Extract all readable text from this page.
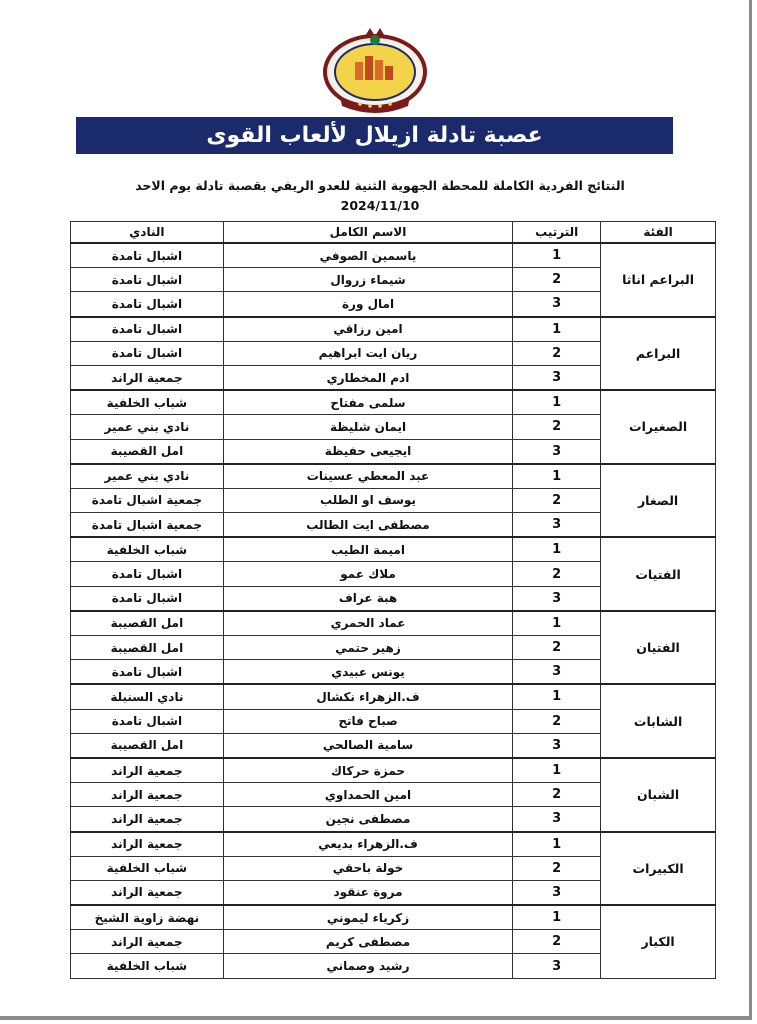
عصبة تادلة ازيلال لألعاب القوى
النتائج الفردية الكاملة للمحطة الجهوية الثنية للعدو الريفي بقصبة تادلة يوم الاحد
2024/11/10
الفئة	الترتيب	الاسم الكامل	النادي
البراعم اناثا	1	ياسمين الصوفي	اشبال تامدة
	2	شيماء زروال	اشبال تامدة
	3	امال ورة	اشبال تامدة
البراعم	1	امين رزاقي	اشبال تامدة
	2	ريان ايت ابراهيم	اشبال تامدة
	3	ادم المخطاري	جمعية الراند
الصغيرات	1	سلمى مفتاح	شباب الخلفية
	2	ايمان شليظة	نادي بني عمير
	3	ايجيعى حفيظة	امل القصيبة
الصغار	1	عبد المعطي عسينات	نادي بني عمير
	2	يوسف او الطلب	جمعية اشبال تامدة
	3	مصطفى ايت الطالب	جمعية اشبال تامدة
الفتيات	1	اميمة الطيب	شباب الخلفية
	2	ملاك عمو	اشبال تامدة
	3	هبة عراف	اشبال تامدة
الفتيان	1	عماد الحمري	امل القصيبة
	2	زهير حتمي	امل القصيبة
	3	يونس عبيدي	اشبال تامدة
الشابات	1	ف.الزهراء نكشال	نادي السنبلة
	2	صباح فاتح	اشبال تامدة
	3	سامية الصالحي	امل القصيبة
الشبان	1	حمزة حركاك	جمعية الراند
	2	امين الحمداوي	جمعية الراند
	3	مصطفى نجين	جمعية الراند
الكبيرات	1	ف.الزهراء بديعي	جمعية الراند
	2	خولة باحقي	شباب الخلفية
	3	مروة عنقود	جمعية الراند
الكبار	1	زكرياء ليموني	نهضة زاوية الشيخ
	2	مصطفى كريم	جمعية الراند
	3	رشيد وصماني	شباب الخلفية
